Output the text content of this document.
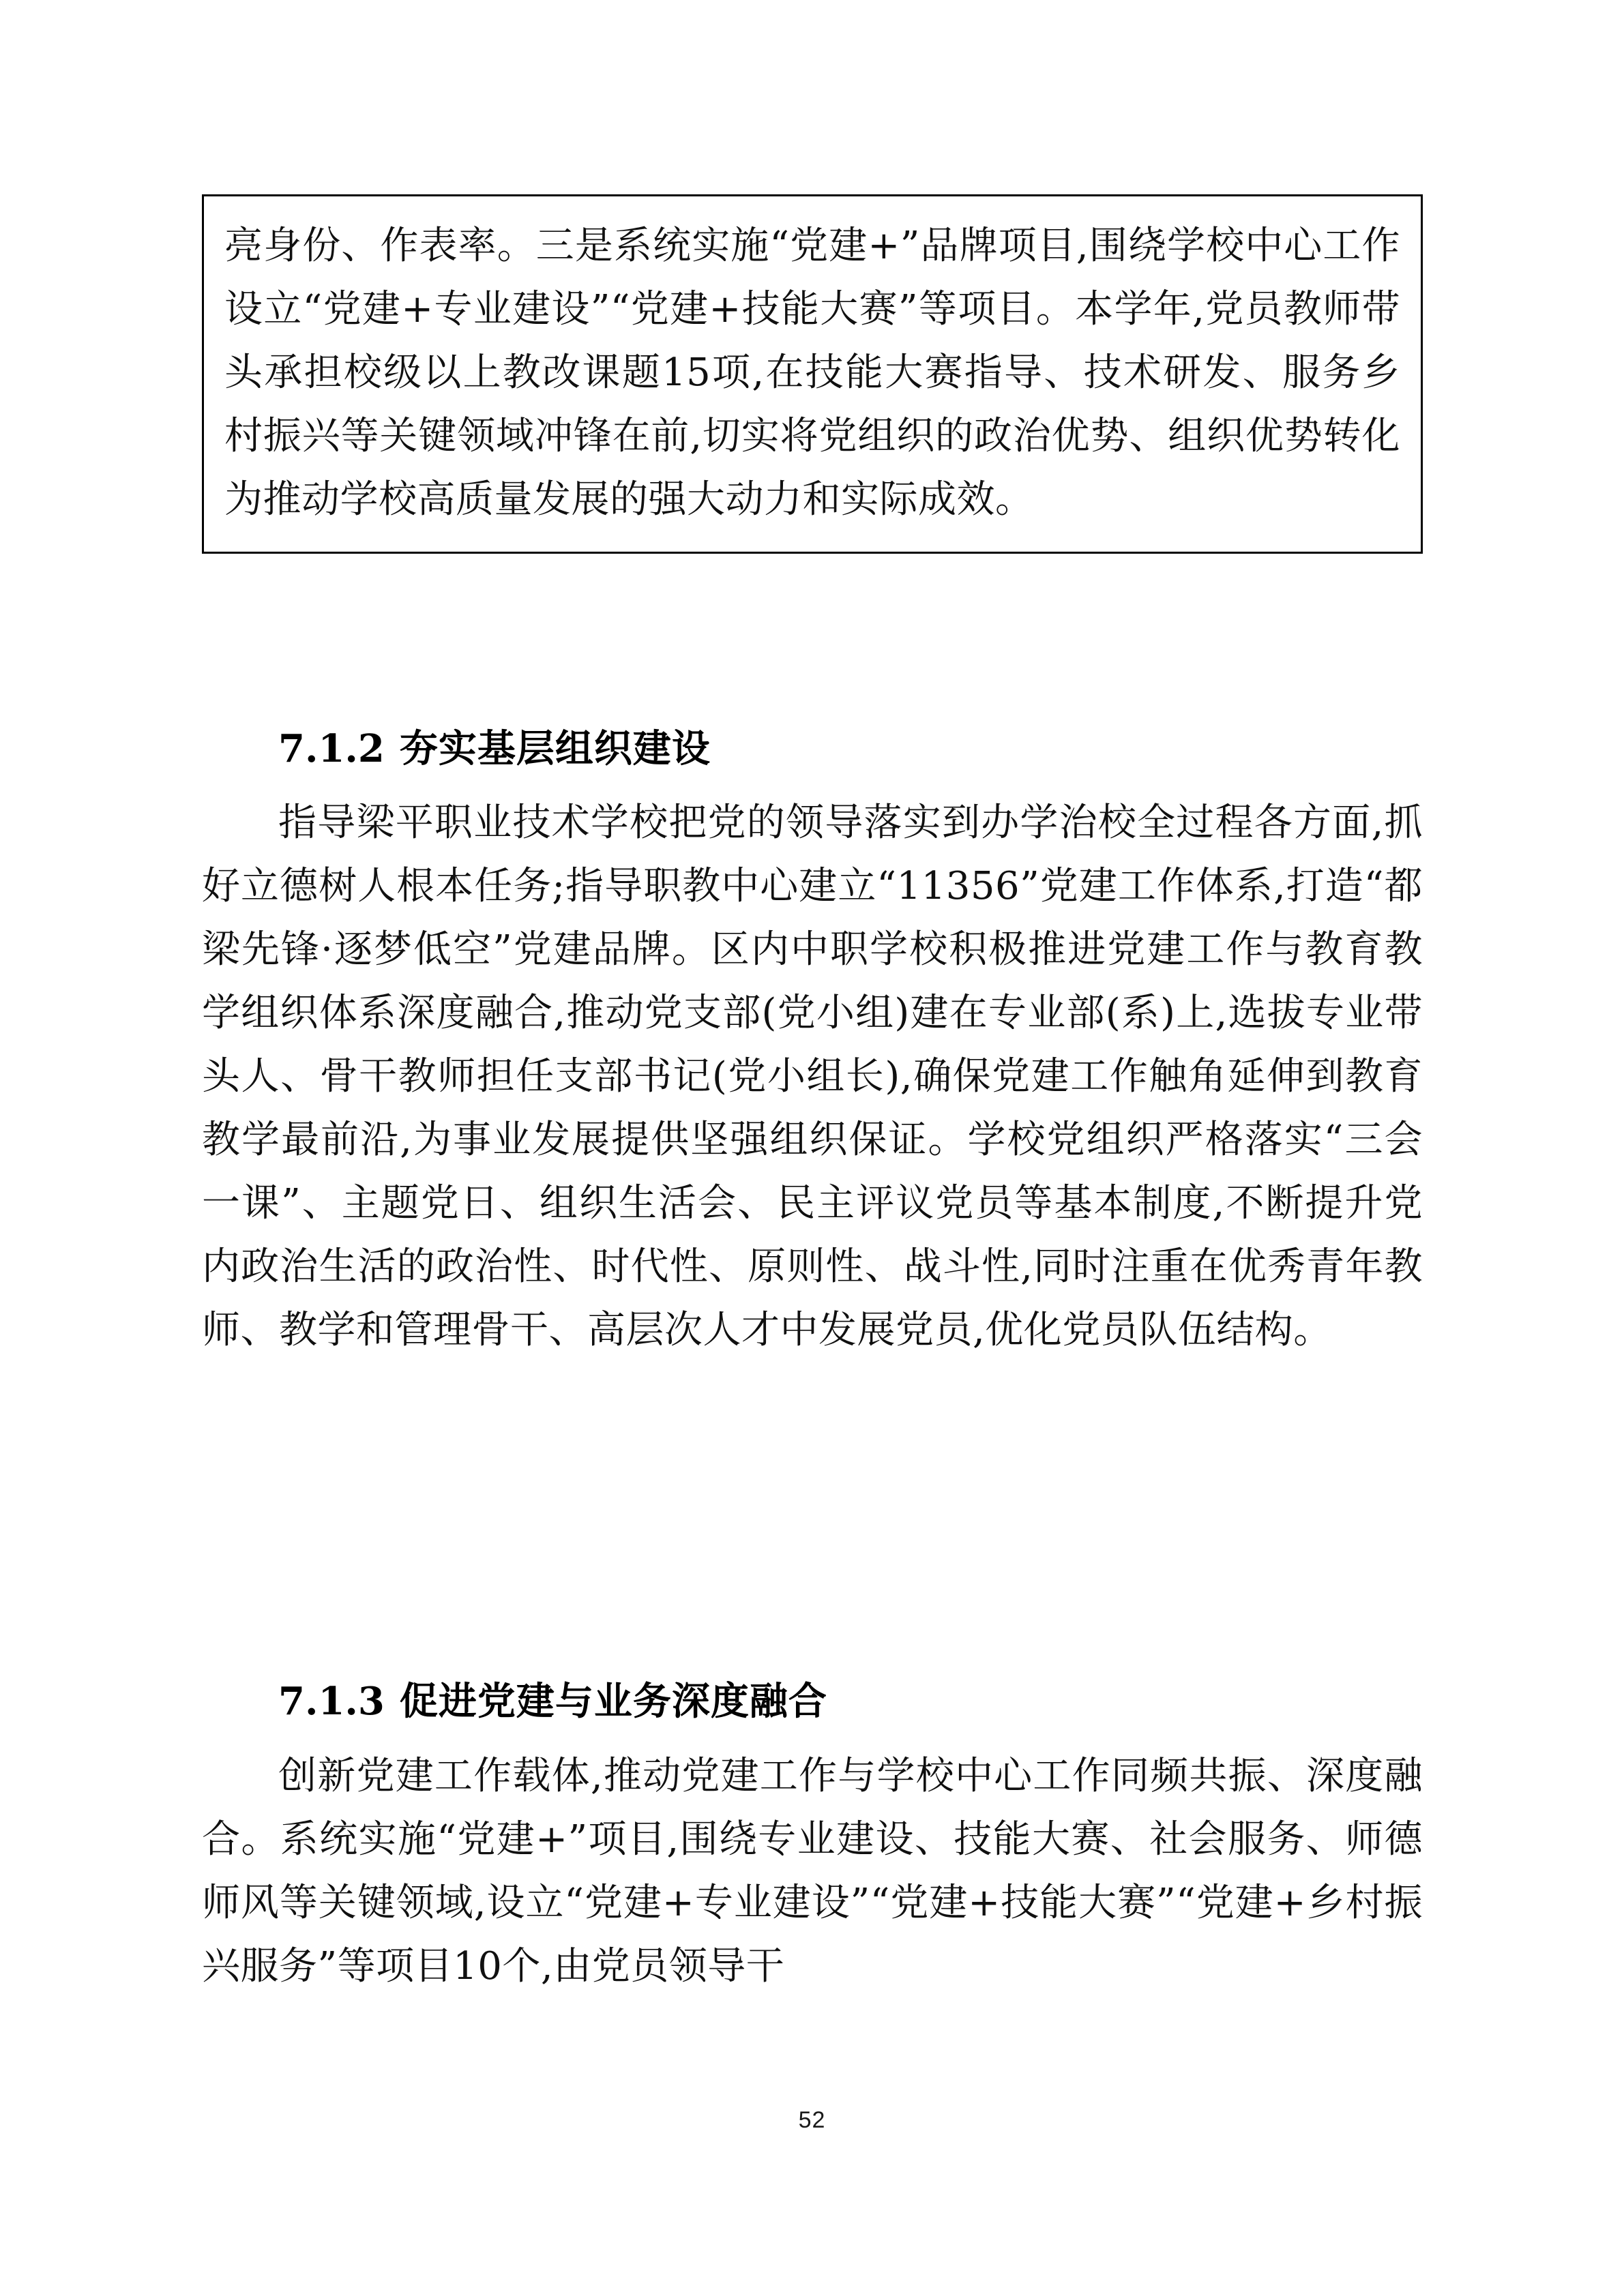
亮身份、作表率。三是系统实施“党建+”品牌项目,围绕学校中心工作设立“党建+专业建设”“党建+技能大赛”等项目。本学年,党员教师带头承担校级以上教改课题15项,在技能大赛指导、技术研发、服务乡村振兴等关键领域冲锋在前,切实将党组织的政治优势、组织优势转化为推动学校高质量发展的强大动力和实际成效。

7.1.2 夯实基层组织建设

指导梁平职业技术学校把党的领导落实到办学治校全过程各方面,抓好立德树人根本任务;指导职教中心建立“11356”党建工作体系,打造“都梁先锋·逐梦低空”党建品牌。区内中职学校积极推进党建工作与教育教学组织体系深度融合,推动党支部(党小组)建在专业部(系)上,选拔专业带头人、骨干教师担任支部书记(党小组长),确保党建工作触角延伸到教育教学最前沿,为事业发展提供坚强组织保证。学校党组织严格落实“三会一课”、主题党日、组织生活会、民主评议党员等基本制度,不断提升党内政治生活的政治性、时代性、原则性、战斗性,同时注重在优秀青年教师、教学和管理骨干、高层次人才中发展党员,优化党员队伍结构。

7.1.3 促进党建与业务深度融合

创新党建工作载体,推动党建工作与学校中心工作同频共振、深度融合。系统实施“党建+”项目,围绕专业建设、技能大赛、社会服务、师德师风等关键领域,设立“党建+专业建设”“党建+技能大赛”“党建+乡村振兴服务”等项目10个,由党员领导干

52
